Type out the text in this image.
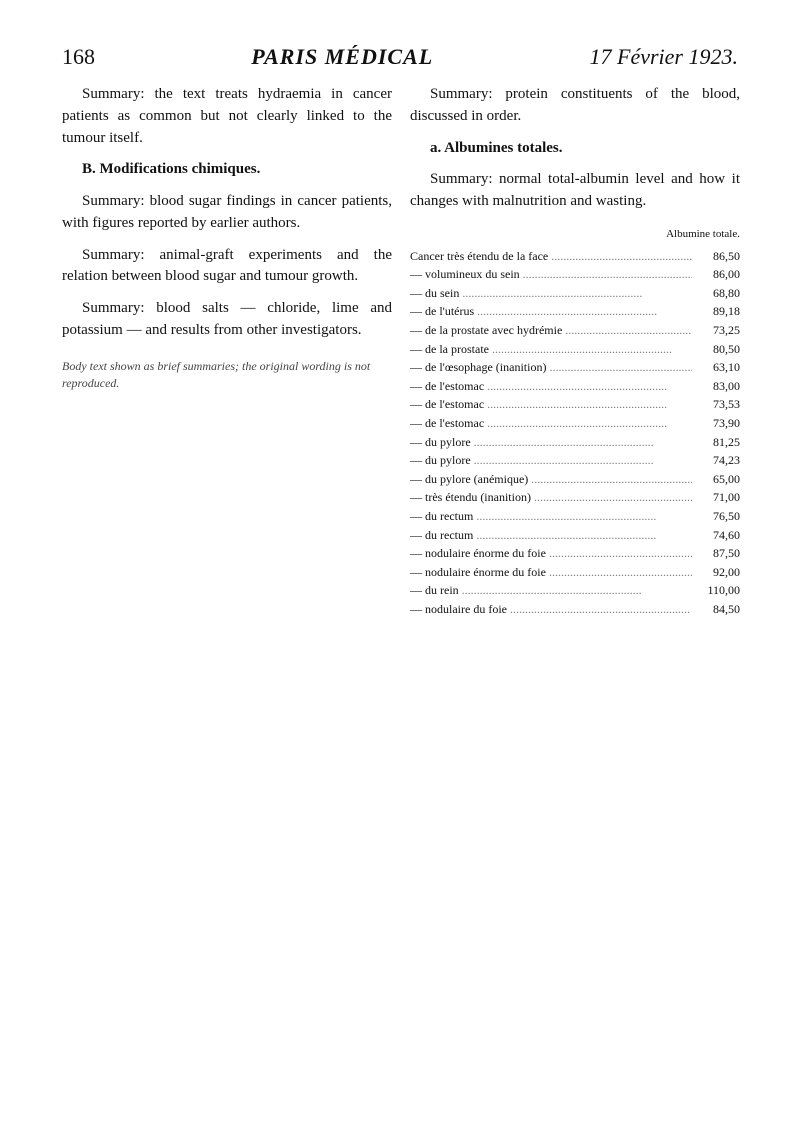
168	PARIS MÉDICAL	17 Février 1923.

Summary: the text treats hydraemia in cancer patients as common but not clearly linked to the tumour itself.

B. Modifications chimiques.

Summary: blood sugar findings in cancer patients, with figures reported by earlier authors.

Summary: animal-graft experiments and the relation between blood sugar and tumour growth.

Summary: blood salts — chloride, lime and potassium — and results from other investigators.

Body text shown as brief summaries; the original wording is not reproduced.

Summary: protein constituents of the blood, discussed in order.

a. Albumines totales.

Summary: normal total-albumin level and how it changes with malnutrition and wasting.

Albumine totale.
Cancer très étendu de la face .....	86,50
— volumineux du sein .....	86,00
— du sein .....	68,80
— de l'utérus .....	89,18
— de la prostate avec hydrémie .....	73,25
— de la prostate .....	80,50
— de l'œsophage (inanition) .....	63,10
— de l'estomac .....	83,00
— de l'estomac .....	73,53
— de l'estomac .....	73,90
— du pylore .....	81,25
— du pylore .....	74,23
— du pylore (anémique) .....	65,00
— très étendu (inanition) .....	71,00
— du rectum .....	76,50
— du rectum .....	74,60
— nodulaire énorme du foie .....	87,50
— nodulaire énorme du foie .....	92,00
— du rein .....	110,00
— nodulaire du foie .....	84,50
